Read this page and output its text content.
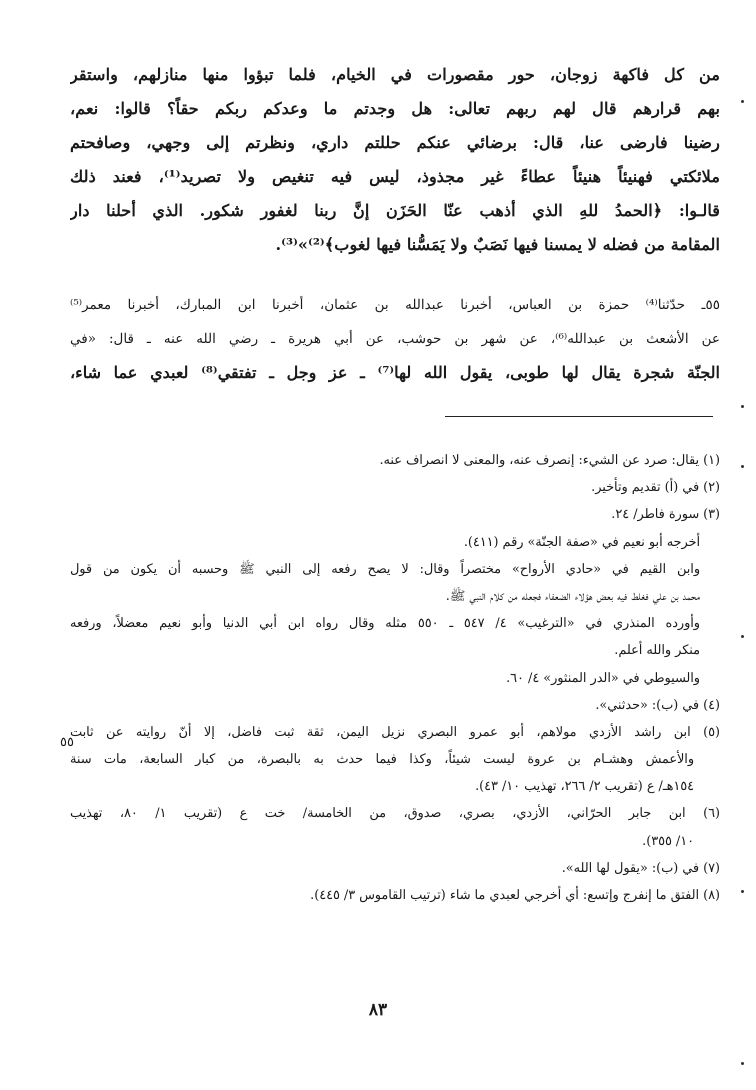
من كل فاكهة زوجان، حور مقصورات في الخيام، فلما تبؤوا منها منازلهم، واستقر
بهم قرارهم قال لهم ربهم تعالى: هل وجدتم ما وعدكم ربكم حقاً؟ قالوا: نعم،
رضينا فارضى عنا، قال: برضائي عنكم حللتم داري، ونظرتم إلى وجهي، وصافحتم
ملائكتي فهنيئاً هنيئاً عطاءً غير مجذوذ، ليس فيه تنغيص ولا تصريد⁽¹⁾، فعند ذلك
قالـوا: ﴿الحمدُ للهِ الذي أذهب عنّا الحَزَن إنَّ ربنا لغفور شكور. الذي أحلنا دار
المقامة من فضله لا يمسنا فيها نَصَبٌ ولا يَمَسُّنا فيها لغوب﴾⁽²⁾»⁽³⁾.
٥٥ـ حدّثنا⁽⁴⁾ حمزة بن العباس، أخبرنا عبدالله بن عثمان، أخبرنا ابن المبارك، أخبرنا معمر⁽⁵⁾
عن الأشعث بن عبدالله⁽⁶⁾، عن شهر بن حوشب، عن أبي هريرة ـ رضي الله عنه ـ قال: «في
الجنّة شجرة يقال لها طوبى، يقول الله لها⁽⁷⁾ ـ عز وجل ـ تفتقي⁽⁸⁾ لعبدي عما شاء،
(١) يقال: صرد عن الشيء: إنصرف عنه، والمعنى لا انصراف عنه.
(٢) في (أ) تقديم وتأخير.
(٣) سورة فاطر/ ٢٤.
أخرجه أبو نعيم في «صفة الجنّة» رقم (٤١١).
وابن القيم في «حادي الأرواح» مختصراً وقال: لا يصح رفعه إلى النبي ﷺ وحسبه أن يكون من قول
محمد بن علي فغلط فيه بعض هؤلاء الضعفاء فجعله من كلام النبي ﷺ.
وأورده المنذري في «الترغيب» ٤/ ٥٤٧ ـ ٥٥٠ مثله وقال رواه ابن أبي الدنيا وأبو نعيم معضلاً، ورفعه
منكر والله أعلم.
والسيوطي في «الدر المنثور» ٤/ ٦٠.
(٤) في (ب): «حدثني».
(٥) ابن راشد الأزدي مولاهم، أبو عمرو البصري نزيل اليمن، ثقة ثبت فاضل، إلا أنّ روايته عن ثابت
والأعمش وهشـام بن عروة ليست شيئاً، وكذا فيما حدث به بالبصرة، من كبار السابعة، مات سنة
١٥٤هـ/ ع (تقريب ٢/ ٢٦٦، تهذيب ١٠/ ٤٣).
(٦) ابن جابر الحرّاني، الأزدي، بصري، صدوق، من الخامسة/ خت ع (تقريب ١/ ٨٠، تهذيب
١٠/ ٣٥٥).
(٧) في (ب): «يقول لها الله».
(٨) الفتق ما إنفرج وإتسع: أي أخرجي لعبدي ما شاء (ترتيب القاموس ٣/ ٤٤٥).
٥٥
٨٣
